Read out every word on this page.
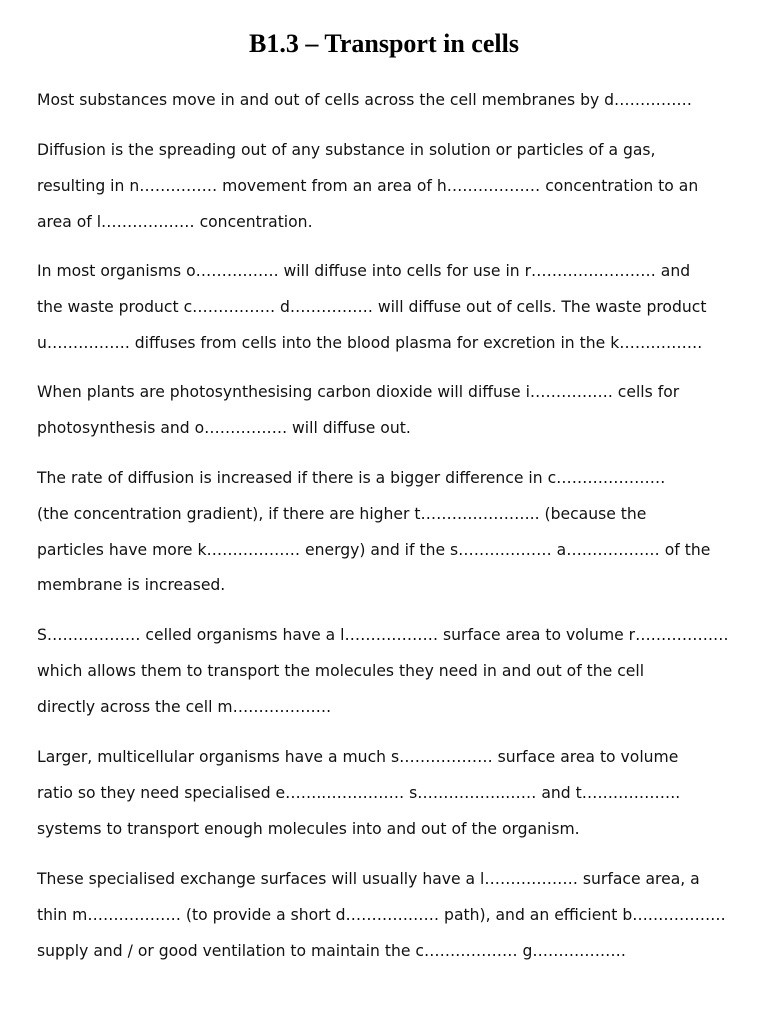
B1.3 – Transport in cells

Most substances move in and out of cells across the cell membranes by d……………

Diffusion is the spreading out of any substance in solution or particles of a gas,
resulting in n…………… movement from an area of h……………… concentration to an
area of l……………… concentration.

In most organisms o……………. will diffuse into cells for use in r…………………… and
the waste product c……………. d……………. will diffuse out of cells. The waste product
u……………. diffuses from cells into the blood plasma for excretion in the k…………….

When plants are photosynthesising carbon dioxide will diffuse i……………. cells for
photosynthesis and o……………. will diffuse out.

The rate of diffusion is increased if there is a bigger difference in c…………………
(the concentration gradient), if there are higher t………………….. (because the
particles have more k……………… energy) and if the s……………… a……………… of the
membrane is increased.

S……………… celled organisms have a l……………… surface area to volume r………………
which allows them to transport the molecules they need in and out of the cell
directly across the cell m……………….

Larger, multicellular organisms have a much s……………… surface area to volume
ratio so they need specialised e……..…………… s……………..…… and t……………….
systems to transport enough molecules into and out of the organism.

These specialised exchange surfaces will usually have a l……………… surface area, a
thin m……………… (to provide a short d……………… path), and an efficient b………………
supply and / or good ventilation to maintain the c……………… g………………
